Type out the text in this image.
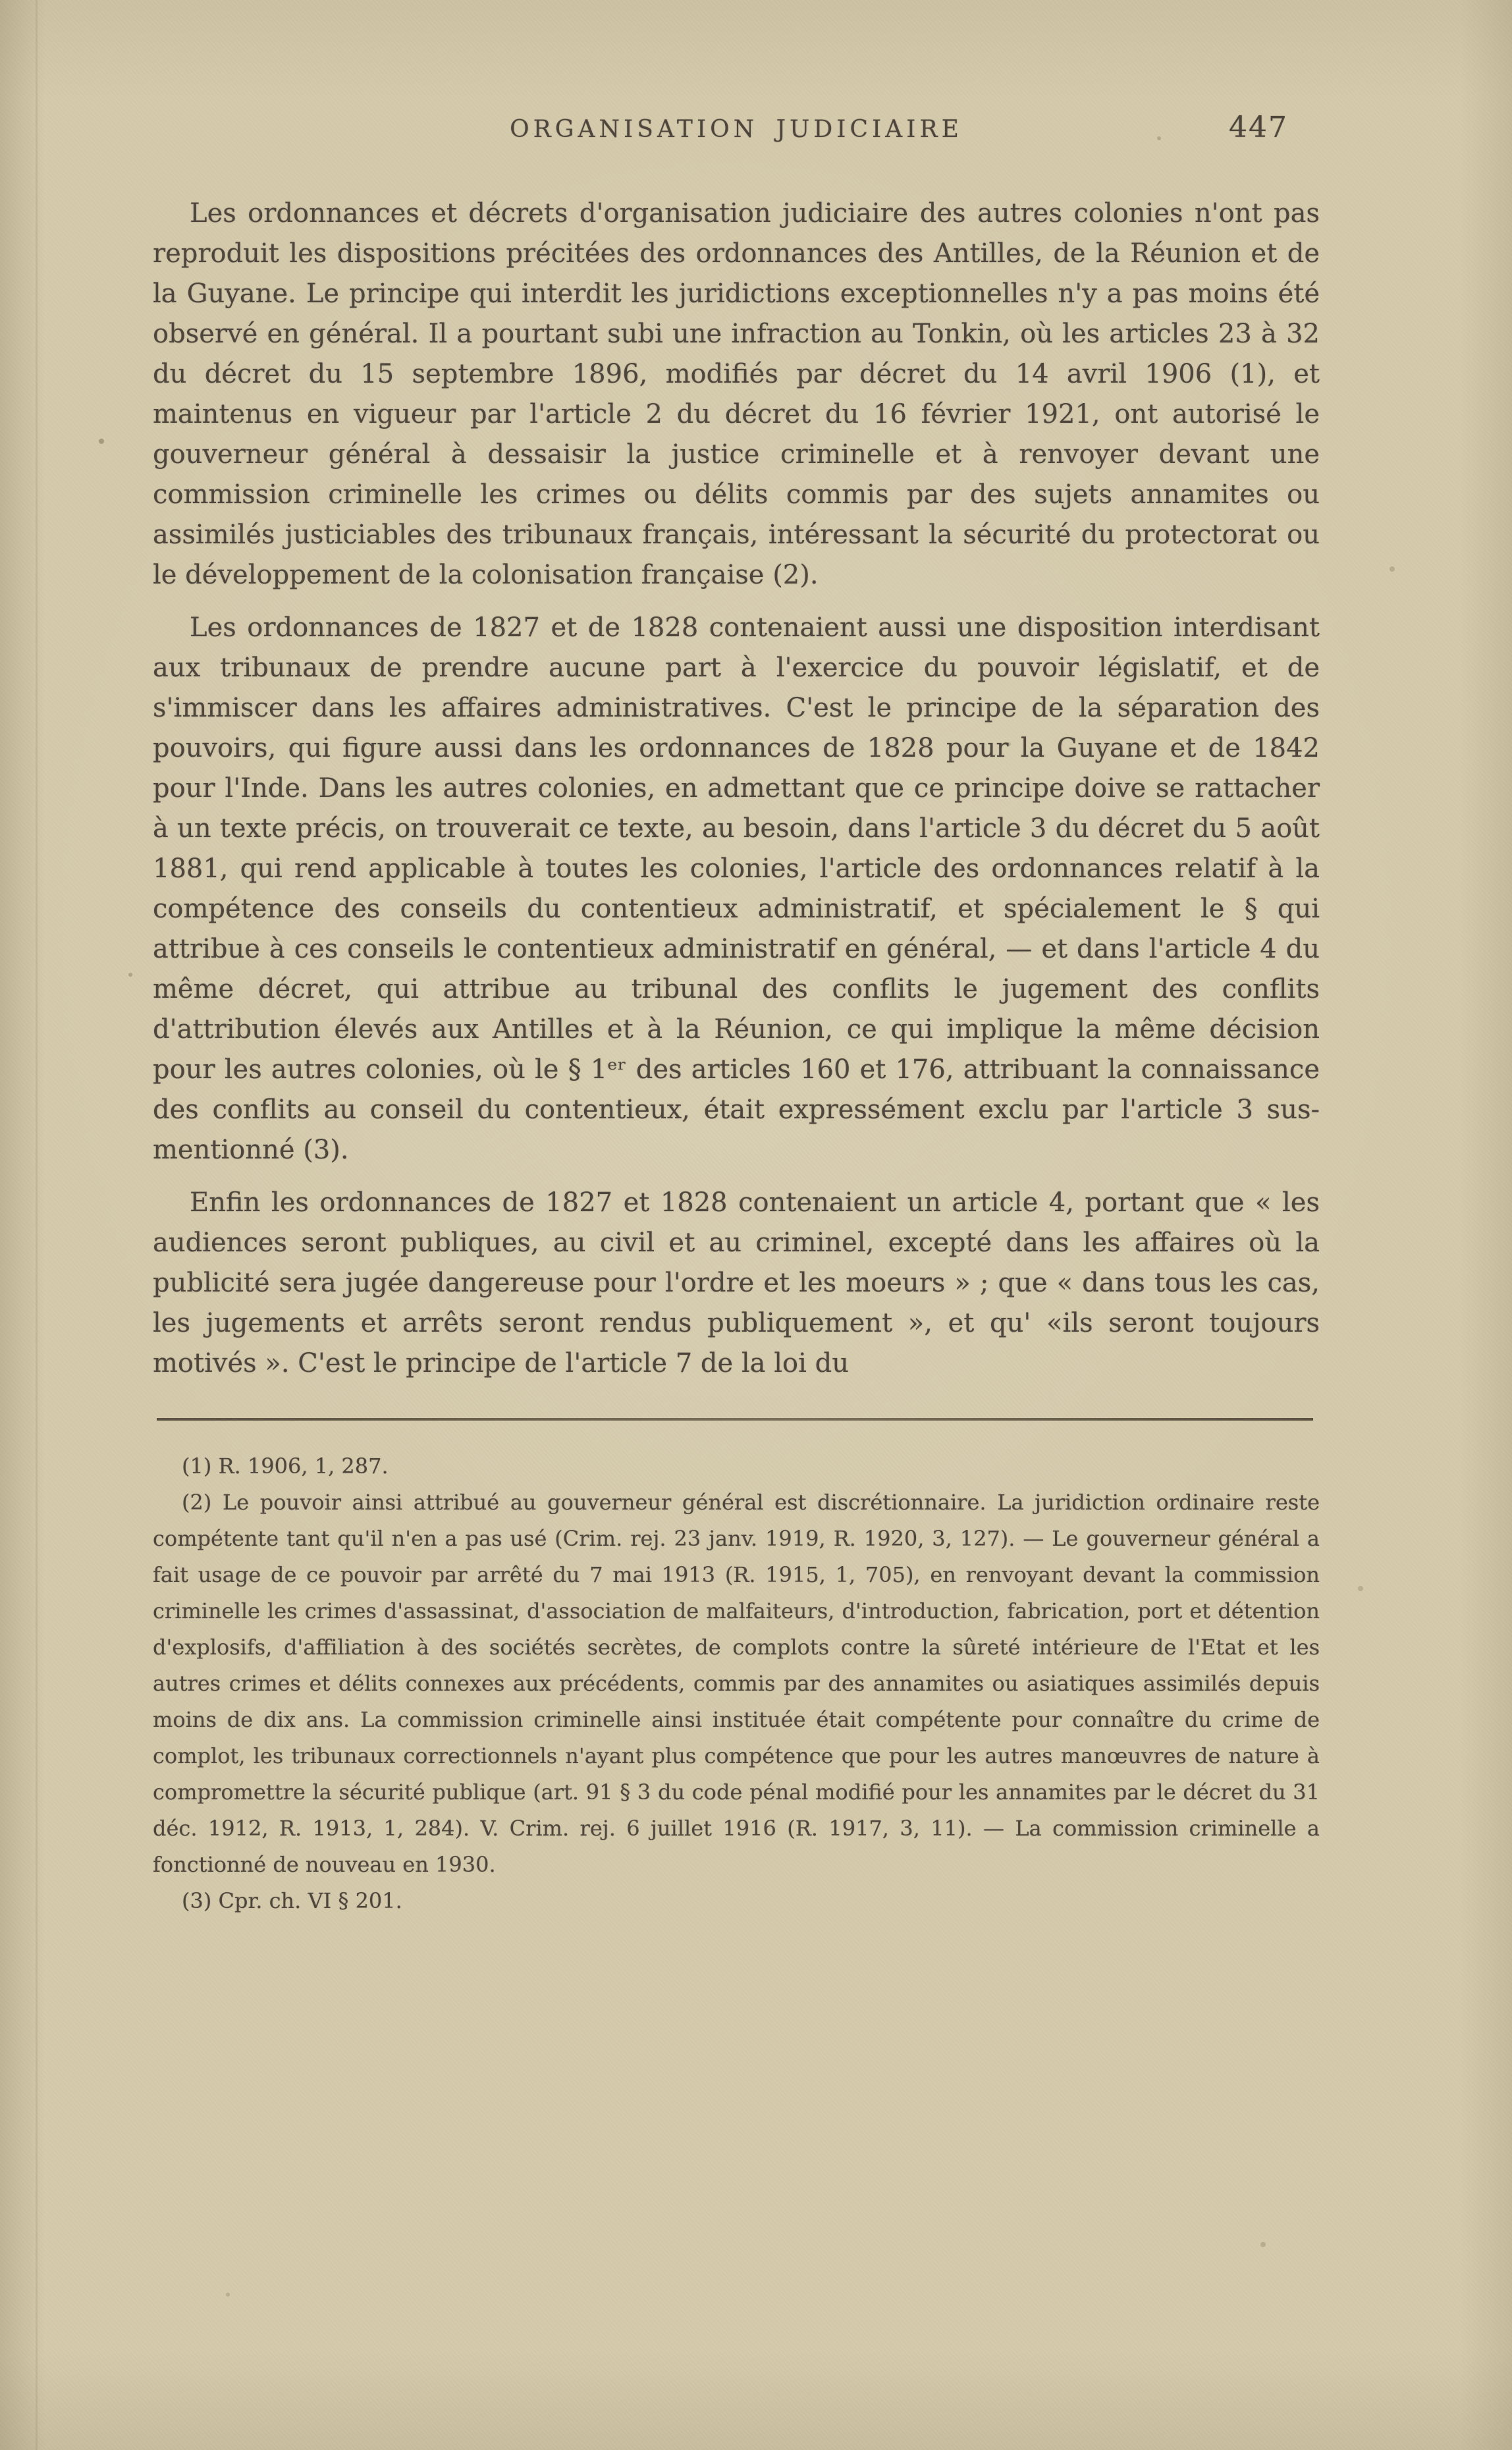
ORGANISATION JUDICIAIRE	447

Les ordonnances et décrets d'organisation judiciaire des autres colonies n'ont pas reproduit les dispositions précitées des ordonnances des Antilles, de la Réunion et de la Guyane. Le principe qui interdit les juridictions exceptionnelles n'y a pas moins été observé en général. Il a pourtant subi une infraction au Tonkin, où les articles 23 à 32 du décret du 15 septembre 1896, modifiés par décret du 14 avril 1906 (1), et maintenus en vigueur par l'article 2 du décret du 16 février 1921, ont autorisé le gouverneur général à dessaisir la justice criminelle et à renvoyer devant une commission criminelle les crimes ou délits commis par des sujets annamites ou assimilés justiciables des tribunaux français, intéressant la sécurité du protectorat ou le développement de la colonisation française (2).

Les ordonnances de 1827 et de 1828 contenaient aussi une disposition interdisant aux tribunaux de prendre aucune part à l'exercice du pouvoir législatif, et de s'immiscer dans les affaires administratives. C'est le principe de la séparation des pouvoirs, qui figure aussi dans les ordonnances de 1828 pour la Guyane et de 1842 pour l'Inde. Dans les autres colonies, en admettant que ce principe doive se rattacher à un texte précis, on trouverait ce texte, au besoin, dans l'article 3 du décret du 5 août 1881, qui rend applicable à toutes les colonies, l'article des ordonnances relatif à la compétence des conseils du contentieux administratif, et spécialement le § qui attribue à ces conseils le contentieux administratif en général, — et dans l'article 4 du même décret, qui attribue au tribunal des conflits le jugement des conflits d'attribution élevés aux Antilles et à la Réunion, ce qui implique la même décision pour les autres colonies, où le § 1ᵉʳ des articles 160 et 176, attribuant la connaissance des conflits au conseil du contentieux, était expressément exclu par l'article 3 sus-mentionné (3).

Enfin les ordonnances de 1827 et 1828 contenaient un article 4, portant que « les audiences seront publiques, au civil et au criminel, excepté dans les affaires où la publicité sera jugée dangereuse pour l'ordre et les moeurs » ; que « dans tous les cas, les jugements et arrêts seront rendus publiquement », et qu' «ils seront toujours motivés ». C'est le principe de l'article 7 de la loi du

(1) R. 1906, 1, 287.

(2) Le pouvoir ainsi attribué au gouverneur général est discrétionnaire. La juridiction ordinaire reste compétente tant qu'il n'en a pas usé (Crim. rej. 23 janv. 1919, R. 1920, 3, 127). — Le gouverneur général a fait usage de ce pouvoir par arrêté du 7 mai 1913 (R. 1915, 1, 705), en renvoyant devant la commission criminelle les crimes d'assassinat, d'association de malfaiteurs, d'introduction, fabrication, port et détention d'explosifs, d'affiliation à des sociétés secrètes, de complots contre la sûreté intérieure de l'Etat et les autres crimes et délits connexes aux précédents, commis par des annamites ou asiatiques assimilés depuis moins de dix ans. La commission criminelle ainsi instituée était compétente pour connaître du crime de complot, les tribunaux correctionnels n'ayant plus compétence que pour les autres manœuvres de nature à compromettre la sécurité publique (art. 91 § 3 du code pénal modifié pour les annamites par le décret du 31 déc. 1912, R. 1913, 1, 284). V. Crim. rej. 6 juillet 1916 (R. 1917, 3, 11). — La commission criminelle a fonctionné de nouveau en 1930.

(3) Cpr. ch. VI § 201.
